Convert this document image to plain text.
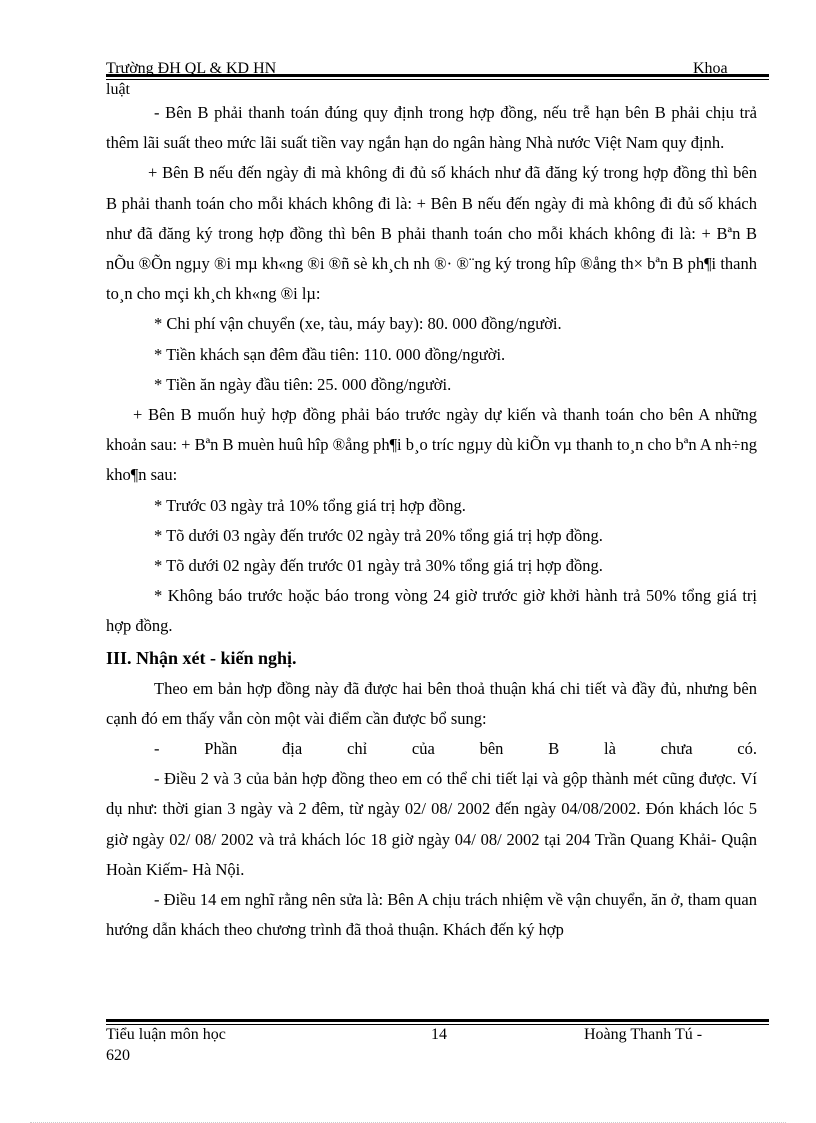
Trường ĐH QL & KD HN	Khoa
luật

- Bên B phải thanh toán đúng quy định trong hợp đồng, nếu trễ hạn bên B phải chịu trả thêm lãi suất theo mức lãi suất tiền vay ngắn hạn do ngân hàng Nhà nước Việt Nam quy định.

+ Bên B nếu đến ngày đi mà không đi đủ số khách như đã đăng ký trong hợp đồng thì bên B phải thanh toán cho mỗi khách không đi là: + Bên B nếu đến ngày đi mà không đi đủ số khách như đã đăng ký trong hợp đồng thì bên B phải thanh toán cho mỗi khách không đi là: + Bªn B nÕu ®Õn ngµy ®i mµ kh«ng ®i ®ñ sè kh¸ch nh ®· ®¨ng ký trong hîp ®ång th× bªn B ph¶i thanh to¸n cho mçi kh¸ch kh«ng ®i lµ:

* Chi phí vận chuyển (xe, tàu, máy bay): 80. 000 đồng/người.

* Tiền khách sạn đêm đầu tiên: 110. 000 đồng/người.

* Tiền ăn ngày đầu tiên: 25. 000 đồng/người.

+ Bên B muốn huỷ hợp đồng phải báo trước ngày dự kiến và thanh toán cho bên A những khoản sau: + Bªn B muèn huû hîp ®ång ph¶i b¸o tríc ngµy dù kiÕn vµ thanh to¸n cho bªn A nh÷ng kho¶n sau:

* Trước 03 ngày trả 10% tổng giá trị hợp đồng.

* Tõ dưới 03 ngày đến trước 02 ngày trả 20% tổng giá trị hợp đồng.

* Tõ dưới 02 ngày đến trước 01 ngày trả 30% tổng giá trị hợp đồng.

* Không báo trước hoặc báo trong vòng 24 giờ trước giờ khởi hành trả 50% tổng giá trị hợp đồng.

III. Nhận xét - kiến nghị.

Theo em bản hợp đồng này đã được hai bên thoả thuận khá chi tiết và đầy đủ, nhưng bên cạnh đó em thấy vẫn còn một vài điểm cần được bổ sung:

- Phần địa chỉ của bên B là chưa có.

- Điều 2 và 3 của bản hợp đồng theo em có thể chi tiết lại và gộp thành mét cũng được. Ví dụ như: thời gian 3 ngày và 2 đêm, từ ngày 02/ 08/ 2002 đến ngày 04/08/2002. Đón khách lóc 5 giờ ngày 02/ 08/ 2002 và trả khách lóc 18 giờ ngày 04/ 08/ 2002 tại 204 Trần Quang Khải- Quận Hoàn Kiếm- Hà Nội.

- Điều 14 em nghĩ rằng nên sửa là: Bên A chịu trách nhiệm về vận chuyển, ăn ở, tham quan hướng dẫn khách theo chương trình đã thoả thuận. Khách đến ký hợp

Tiểu luận môn học	14	Hoàng Thanh Tú -
620
